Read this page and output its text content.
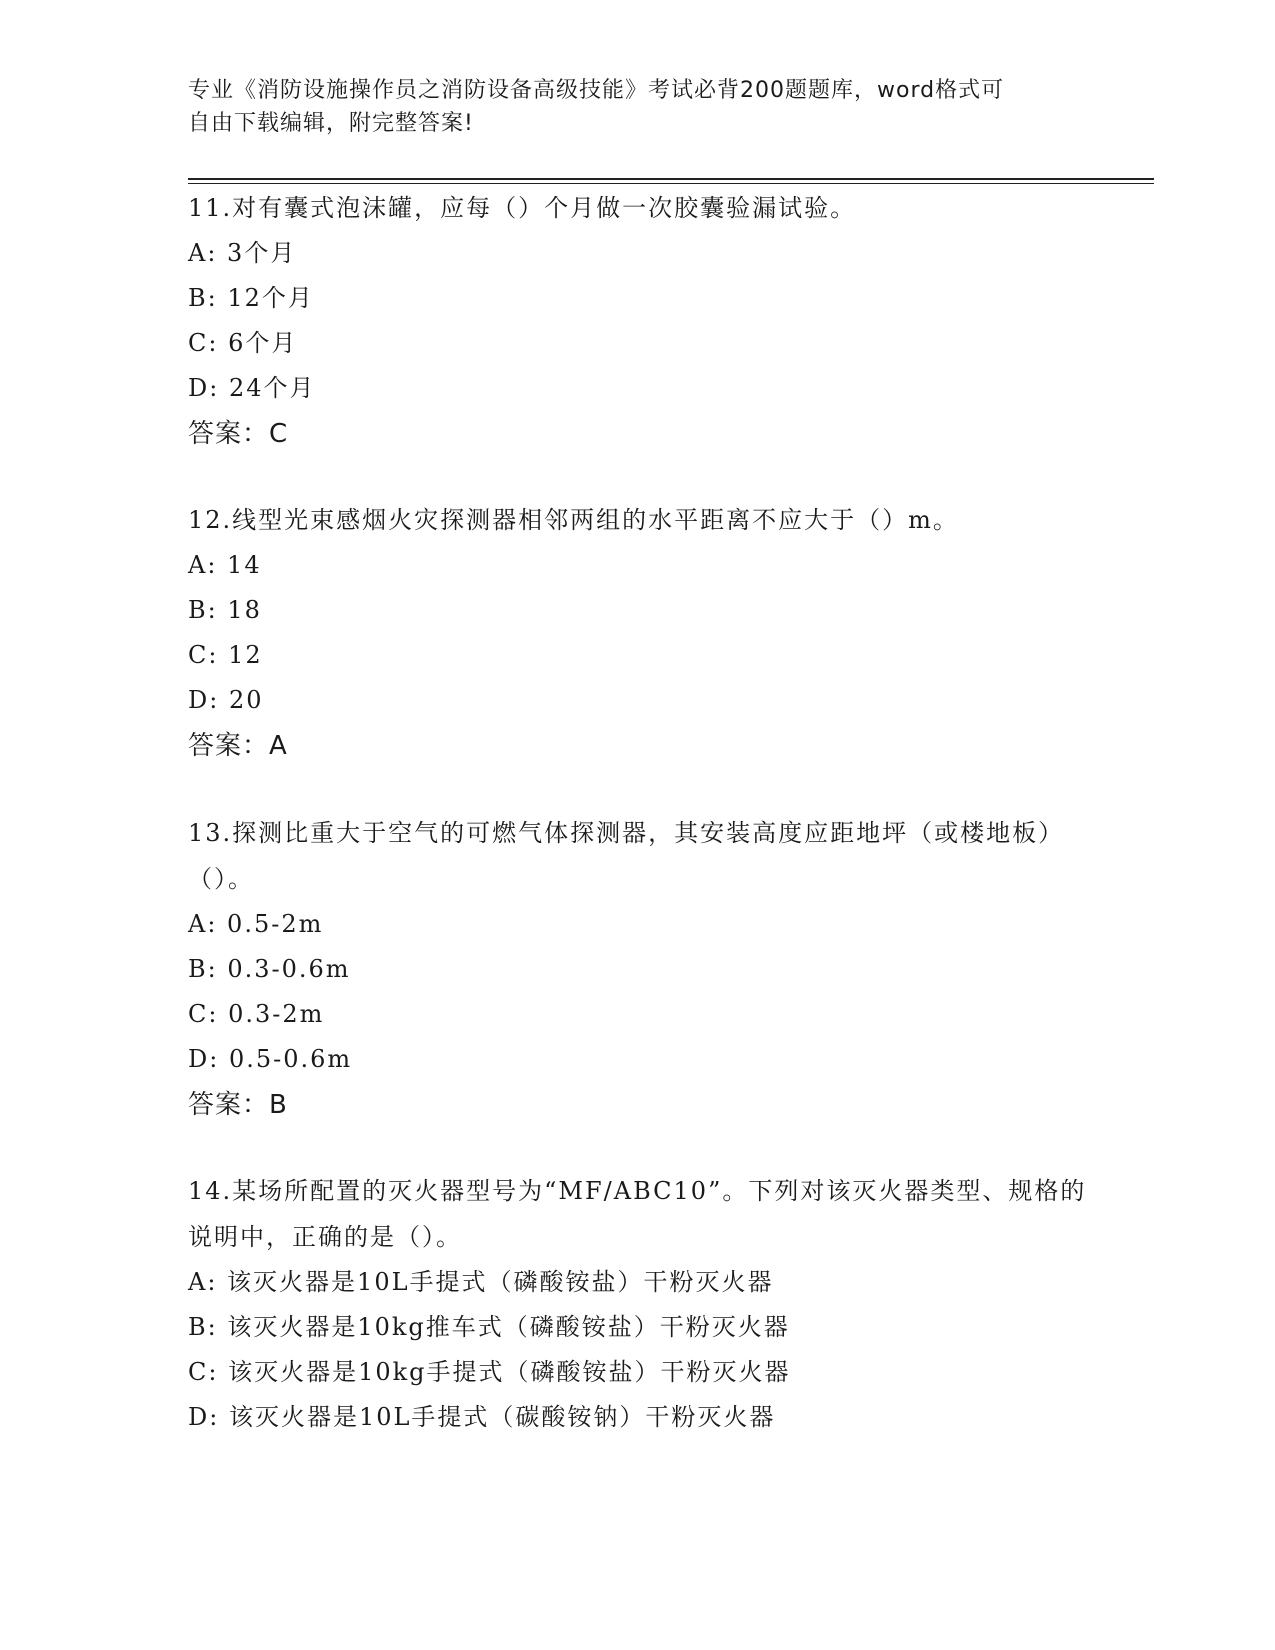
专业《消防设施操作员之消防设备高级技能》考试必背200题题库，word格式可
自由下载编辑，附完整答案!
11.对有囊式泡沫罐，应每（）个月做一次胶囊验漏试验。
A: 3个月
B: 12个月
C: 6个月
D: 24个月
答案：C
12.线型光束感烟火灾探测器相邻两组的水平距离不应大于（）m。
A: 14
B: 18
C: 12
D: 20
答案：A
13.探测比重大于空气的可燃气体探测器，其安装高度应距地坪（或楼地板）（）。
A: 0.5-2m
B: 0.3-0.6m
C: 0.3-2m
D: 0.5-0.6m
答案：B
14.某场所配置的灭火器型号为“MF/ABC10”。下列对该灭火器类型、规格的说明中，正确的是（）。
A: 该灭火器是10L手提式（磷酸铵盐）干粉灭火器
B: 该灭火器是10kg推车式（磷酸铵盐）干粉灭火器
C: 该灭火器是10kg手提式（磷酸铵盐）干粉灭火器
D: 该灭火器是10L手提式（碳酸铵钠）干粉灭火器
